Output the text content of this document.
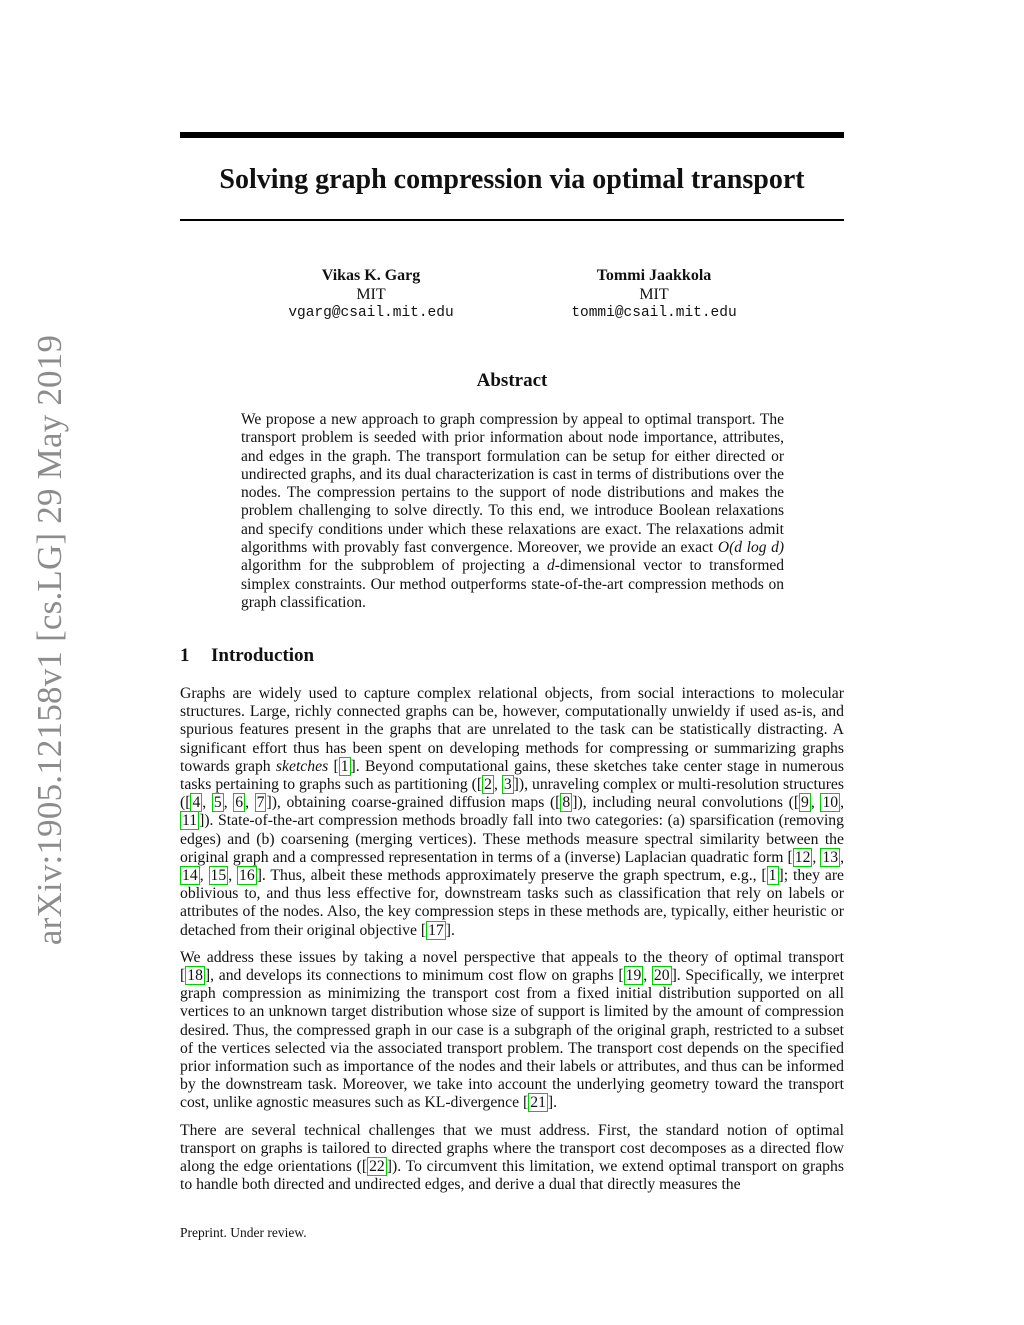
arXiv:1905.12158v1 [cs.LG] 29 May 2019
Solving graph compression via optimal transport
Vikas K. Garg
MIT
vgarg@csail.mit.edu
Tommi Jaakkola
MIT
tommi@csail.mit.edu
Abstract

We propose a new approach to graph compression by appeal to optimal transport. The transport problem is seeded with prior information about node importance, attributes, and edges in the graph. The transport formulation can be setup for either directed or undirected graphs, and its dual characterization is cast in terms of distributions over the nodes. The compression pertains to the support of node distributions and makes the problem challenging to solve directly. To this end, we introduce Boolean relaxations and specify conditions under which these relaxations are exact. The relaxations admit algorithms with provably fast convergence. Moreover, we provide an exact O(d log d) algorithm for the subproblem of projecting a d-dimensional vector to transformed simplex constraints. Our method outperforms state-of-the-art compression methods on graph classification.

1 Introduction

Graphs are widely used to capture complex relational objects, from social interactions to molecular structures. Large, richly connected graphs can be, however, computationally unwieldy if used as-is, and spurious features present in the graphs that are unrelated to the task can be statistically distracting. A significant effort thus has been spent on developing methods for compressing or summarizing graphs towards graph sketches [ 1 ]. Beyond computational gains, these sketches take center stage in numerous tasks pertaining to graphs such as partitioning ([ 2 , 3 ]), unraveling complex or multi-resolution structures ([ 4 , 5 , 6 , 7 ]), obtaining coarse-grained diffusion maps ([ 8 ]), including neural convolutions ([ 9 , 10 , 11 ]). State-of-the-art compression methods broadly fall into two categories: (a) sparsification (removing edges) and (b) coarsening (merging vertices). These methods measure spectral similarity between the original graph and a compressed representation in terms of a (inverse) Laplacian quadratic form [ 12 , 13 , 14 , 15 , 16 ]. Thus, albeit these methods approximately preserve the graph spectrum, e.g., [ 1 ]; they are oblivious to, and thus less effective for, downstream tasks such as classification that rely on labels or attributes of the nodes. Also, the key compression steps in these methods are, typically, either heuristic or detached from their original objective [ 17 ].

We address these issues by taking a novel perspective that appeals to the theory of optimal transport [ 18 ], and develops its connections to minimum cost flow on graphs [ 19 , 20 ]. Specifically, we interpret graph compression as minimizing the transport cost from a fixed initial distribution supported on all vertices to an unknown target distribution whose size of support is limited by the amount of compression desired. Thus, the compressed graph in our case is a subgraph of the original graph, restricted to a subset of the vertices selected via the associated transport problem. The transport cost depends on the specified prior information such as importance of the nodes and their labels or attributes, and thus can be informed by the downstream task. Moreover, we take into account the underlying geometry toward the transport cost, unlike agnostic measures such as KL-divergence [ 21 ].

There are several technical challenges that we must address. First, the standard notion of optimal transport on graphs is tailored to directed graphs where the transport cost decomposes as a directed flow along the edge orientations ([ 22 ]). To circumvent this limitation, we extend optimal transport on graphs to handle both directed and undirected edges, and derive a dual that directly measures the

Preprint. Under review.
